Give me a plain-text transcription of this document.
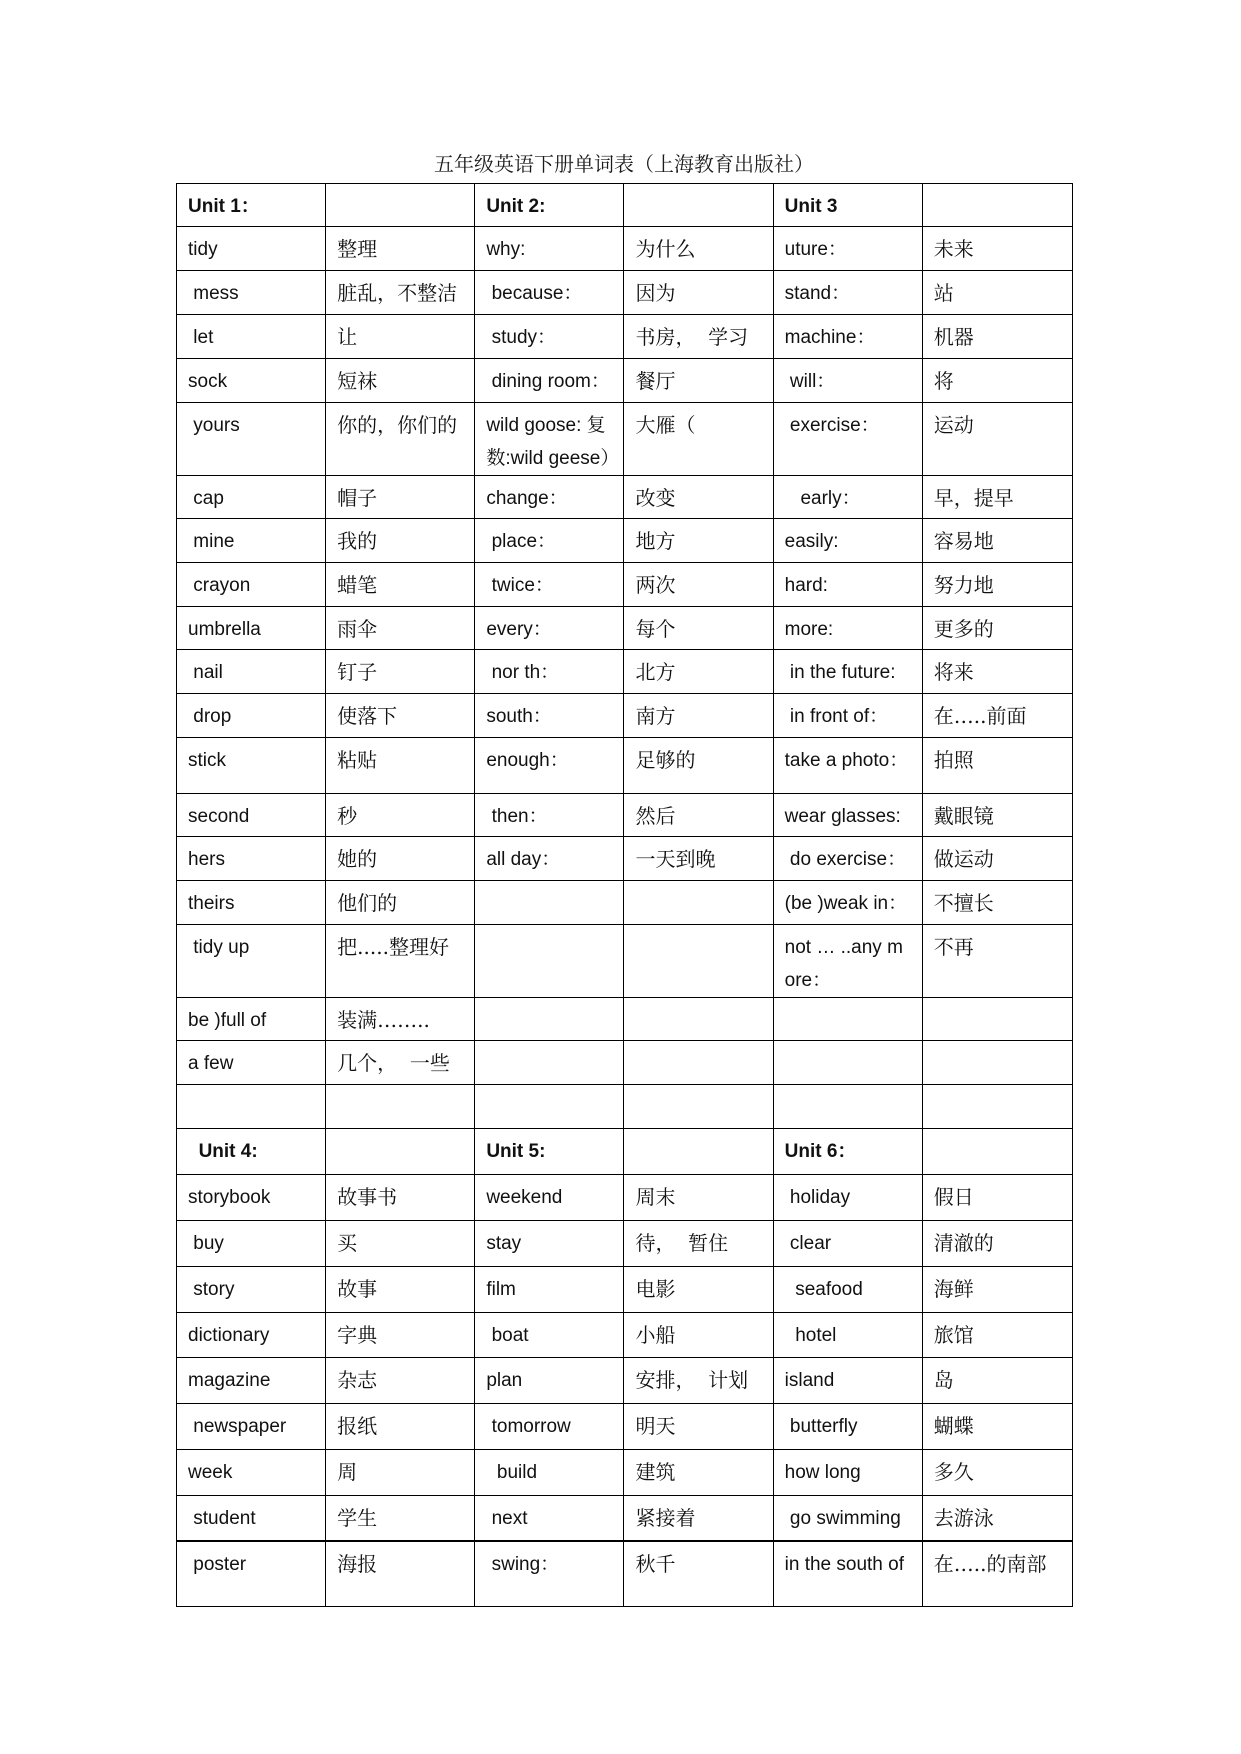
五年级英语下册单词表（上海教育出版社）
Unit 1：		Unit 2:		Unit 3	
tidy	整理	why:	为什么	uture：	未来
mess	脏乱，不整洁	because：	因为	stand：	站
let	让	study：	书房，  学习	machine：	机器
sock	短袜	dining room：	餐厅	will：	将
yours	你的，你们的	wild goose: 复数:wild geese）	大雁（	exercise：	运动
cap	帽子	change：	改变	early：	早，提早
mine	我的	place：	地方	easily:	容易地
crayon	蜡笔	twice：	两次	hard:	努力地
umbrella	雨伞	every：	每个	more:	更多的
nail	钉子	nor th：	北方	in the future:	将来
drop	使落下	south：	南方	in front of：	在…..前面
stick	粘贴	enough：	足够的	take a photo：	拍照
second	秒	then：	然后	wear glasses:	戴眼镜
hers	她的	all day：	一天到晚	do exercise：	做运动
theirs	他们的			(be )weak in：	不擅长
tidy up	把.....整理好			not … ..any more：	不再
be )full of	装满……..				
a few	几个，  一些				

Unit 4:		Unit 5:		Unit 6：	
storybook	故事书	weekend	周末	holiday	假日
buy	买	stay	待，  暂住	clear	清澈的
story	故事	film	电影	seafood	海鲜
dictionary	字典	boat	小船	hotel	旅馆
magazine	杂志	plan	安排，  计划	island	岛
newspaper	报纸	tomorrow	明天	butterfly	蝴蝶
week	周	build	建筑	how long	多久
student	学生	next	紧接着	go swimming	去游泳
poster	海报	swing：	秋千	in the south of	在…..的南部
